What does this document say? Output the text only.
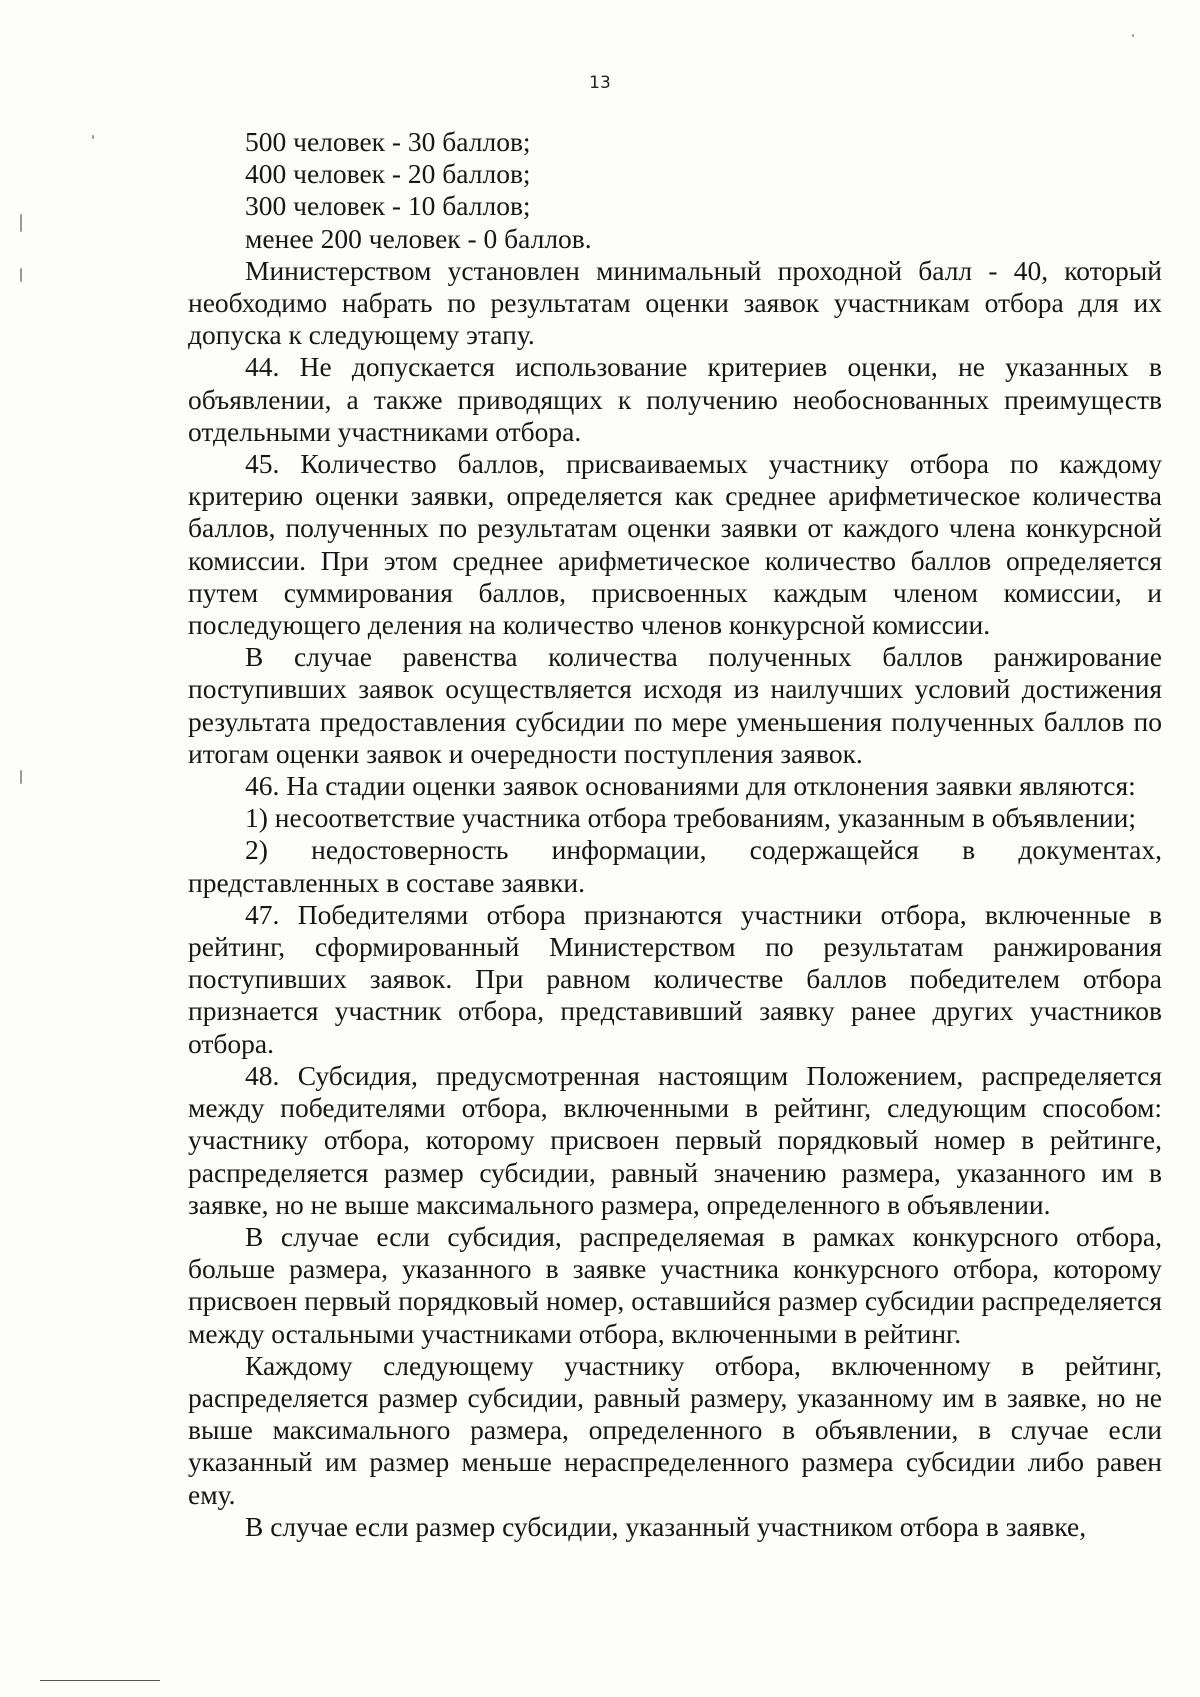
13

500 человек - 30 баллов;

400 человек - 20 баллов;

300 человек - 10 баллов;

менее 200 человек - 0 баллов.

Министерством установлен минимальный проходной балл - 40, который необходимо набрать по результатам оценки заявок участникам отбора для их допуска к следующему этапу.

44. Не допускается использование критериев оценки, не указанных в объявлении, а также приводящих к получению необоснованных преимуществ отдельными участниками отбора.

45. Количество баллов, присваиваемых участнику отбора по каждому критерию оценки заявки, определяется как среднее арифметическое количества баллов, полученных по результатам оценки заявки от каждого члена конкурсной комиссии. При этом среднее арифметическое количество баллов определяется путем суммирования баллов, присвоенных каждым членом комиссии, и последующего деления на количество членов конкурсной комиссии.

В случае равенства количества полученных баллов ранжирование поступивших заявок осуществляется исходя из наилучших условий достижения результата предоставления субсидии по мере уменьшения полученных баллов по итогам оценки заявок и очередности поступления заявок.

46. На стадии оценки заявок основаниями для отклонения заявки являются:

1) несоответствие участника отбора требованиям, указанным в объявлении;

2) недостоверность информации, содержащейся в документах, представленных в составе заявки.

47. Победителями отбора признаются участники отбора, включенные в рейтинг, сформированный Министерством по результатам ранжирования поступивших заявок. При равном количестве баллов победителем отбора признается участник отбора, представивший заявку ранее других участников отбора.

48. Субсидия, предусмотренная настоящим Положением, распределяется между победителями отбора, включенными в рейтинг, следующим способом: участнику отбора, которому присвоен первый порядковый номер в рейтинге, распределяется размер субсидии, равный значению размера, указанного им в заявке, но не выше максимального размера, определенного в объявлении.

В случае если субсидия, распределяемая в рамках конкурсного отбора, больше размера, указанного в заявке участника конкурсного отбора, которому присвоен первый порядковый номер, оставшийся размер субсидии распределяется между остальными участниками отбора, включенными в рейтинг.

Каждому следующему участнику отбора, включенному в рейтинг, распределяется размер субсидии, равный размеру, указанному им в заявке, но не выше максимального размера, определенного в объявлении, в случае если указанный им размер меньше нераспределенного размера субсидии либо равен ему.

В случае если размер субсидии, указанный участником отбора в заявке,
